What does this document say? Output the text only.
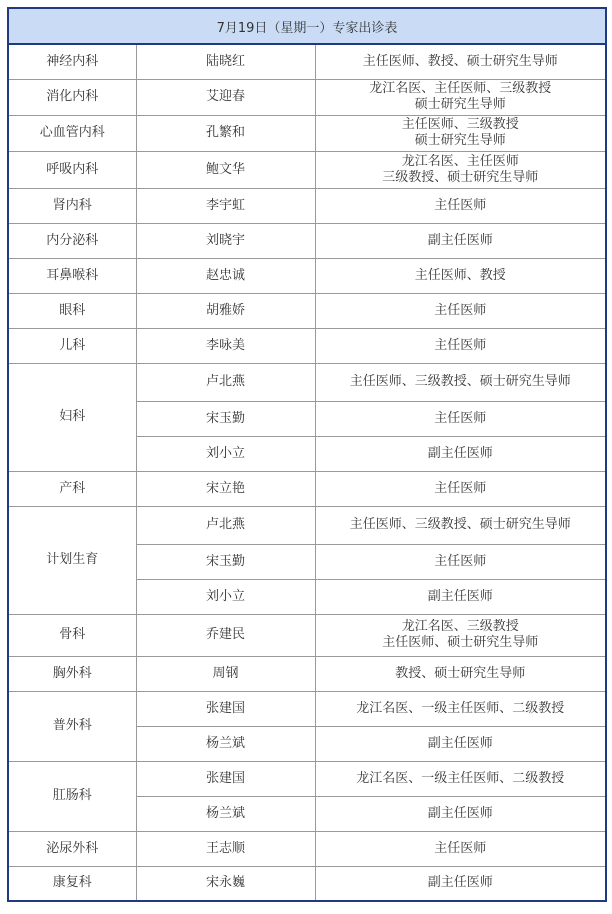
7月19日（星期一）专家出诊表		
神经内科	陆晓红	主任医师、教授、硕士研究生导师

消化内科	艾迎春	龙江名医、主任医师、三级教授
硕士研究生导师

心血管内科	孔繁和	主任医师、三级教授
硕士研究生导师

呼吸内科	鲍文华	龙江名医、主任医师
三级教授、硕士研究生导师

肾内科	李宇虹	主任医师

内分泌科	刘晓宇	副主任医师

耳鼻喉科	赵忠诚	主任医师、教授

眼科	胡雅娇	主任医师

儿科	李咏美	主任医师

妇科	卢北燕	主任医师、三级教授、硕士研究生导师

	宋玉勤	主任医师

	刘小立	副主任医师

产科	宋立艳	主任医师

计划生育	卢北燕	主任医师、三级教授、硕士研究生导师

	宋玉勤	主任医师

	刘小立	副主任医师

骨科	乔建民	龙江名医、三级教授
主任医师、硕士研究生导师

胸外科	周钢	教授、硕士研究生导师

普外科	张建国	龙江名医、一级主任医师、二级教授

	杨兰斌	副主任医师

肛肠科	张建国	龙江名医、一级主任医师、二级教授

	杨兰斌	副主任医师

泌尿外科	王志顺	主任医师

康复科	宋永巍	副主任医师
